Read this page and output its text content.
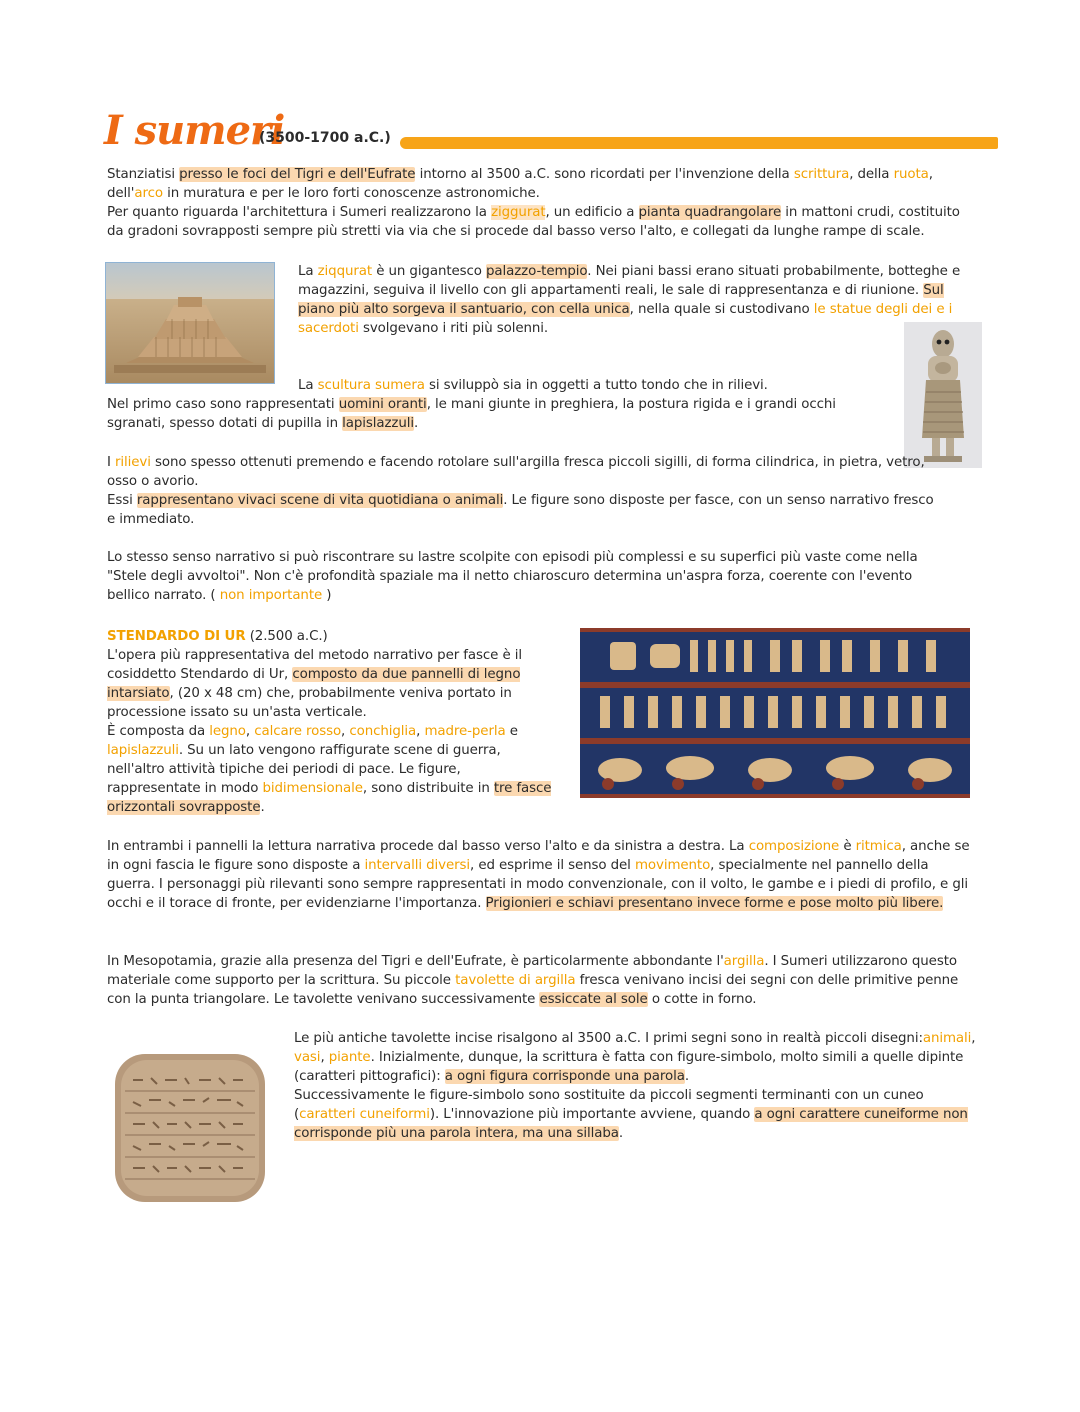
I sumeri
(3500-1700 a.C.)
Stanziatisi presso le foci del Tigri e dell'Eufrate intorno al 3500 a.C. sono ricordati per l'invenzione della scrittura, della ruota, dell'arco in muratura e per le loro forti conoscenze astronomiche.
Per quanto riguarda l'architettura i Sumeri realizzarono la ziggurat, un edificio a pianta quadrangolare in mattoni crudi, costituito da gradoni sovrapposti sempre più stretti via via che si procede dal basso verso l'alto, e collegati da lunghe rampe di scale.
La ziqqurat è un gigantesco palazzo-tempio. Nei piani bassi erano situati probabilmente, botteghe e magazzini, seguiva il livello con gli appartamenti reali, le sale di rappresentanza e di riunione. Sul piano più alto sorgeva il santuario, con cella unica, nella quale si custodivano le statue degli dei e i sacerdoti svolgevano i riti più solenni.
La scultura sumera si sviluppò sia in oggetti a tutto tondo che in rilievi.
Nel primo caso sono rappresentati uomini oranti, le mani giunte in preghiera, la postura rigida e i grandi occhi sgranati, spesso dotati di pupilla in lapislazzuli.
I rilievi sono spesso ottenuti premendo e facendo rotolare sull'argilla fresca piccoli sigilli, di forma cilindrica, in pietra, vetro, osso o avorio.
Essi rappresentano vivaci scene di vita quotidiana o animali. Le figure sono disposte per fasce, con un senso narrativo fresco e immediato.
Lo stesso senso narrativo si può riscontrare su lastre scolpite con episodi più complessi e su superfici più vaste come nella "Stele degli avvoltoi". Non c'è profondità spaziale ma il netto chiaroscuro determina un'aspra forza, coerente con l'evento bellico narrato. ( non importante )
STENDARDO DI UR (2.500 a.C.)
L'opera più rappresentativa del metodo narrativo per fasce è il cosiddetto Stendardo di Ur, composto da due pannelli di legno intarsiato, (20 x 48 cm) che, probabilmente veniva portato in processione issato su un'asta verticale.
È composta da legno, calcare rosso, conchiglia, madre-perla e lapislazzuli. Su un lato vengono raffigurate scene di guerra, nell'altro attività tipiche dei periodi di pace. Le figure, rappresentate in modo bidimensionale, sono distribuite in tre fasce orizzontali sovrapposte.
In entrambi i pannelli la lettura narrativa procede dal basso verso l'alto e da sinistra a destra. La composizione è ritmica, anche se in ogni fascia le figure sono disposte a intervalli diversi, ed esprime il senso del movimento, specialmente nel pannello della guerra. I personaggi più rilevanti sono sempre rappresentati in modo convenzionale, con il volto, le gambe e i piedi di profilo, e gli occhi e il torace di fronte, per evidenziarne l'importanza. Prigionieri e schiavi presentano invece forme e pose molto più libere.
In Mesopotamia, grazie alla presenza del Tigri e dell'Eufrate, è particolarmente abbondante l'argilla. I Sumeri utilizzarono questo materiale come supporto per la scrittura. Su piccole tavolette di argilla fresca venivano incisi dei segni con delle primitive penne con la punta triangolare. Le tavolette venivano successivamente essiccate al sole o cotte in forno.
Le più antiche tavolette incise risalgono al 3500 a.C. I primi segni sono in realtà piccoli disegni:animali, vasi, piante. Inizialmente, dunque, la scrittura è fatta con figure-simbolo, molto simili a quelle dipinte (caratteri pittografici): a ogni figura corrisponde una parola.
Successivamente le figure-simbolo sono sostituite da piccoli segmenti terminanti con un cuneo (caratteri cuneiformi). L'innovazione più importante avviene, quando a ogni carattere cuneiforme non corrisponde più una parola intera, ma una sillaba.
